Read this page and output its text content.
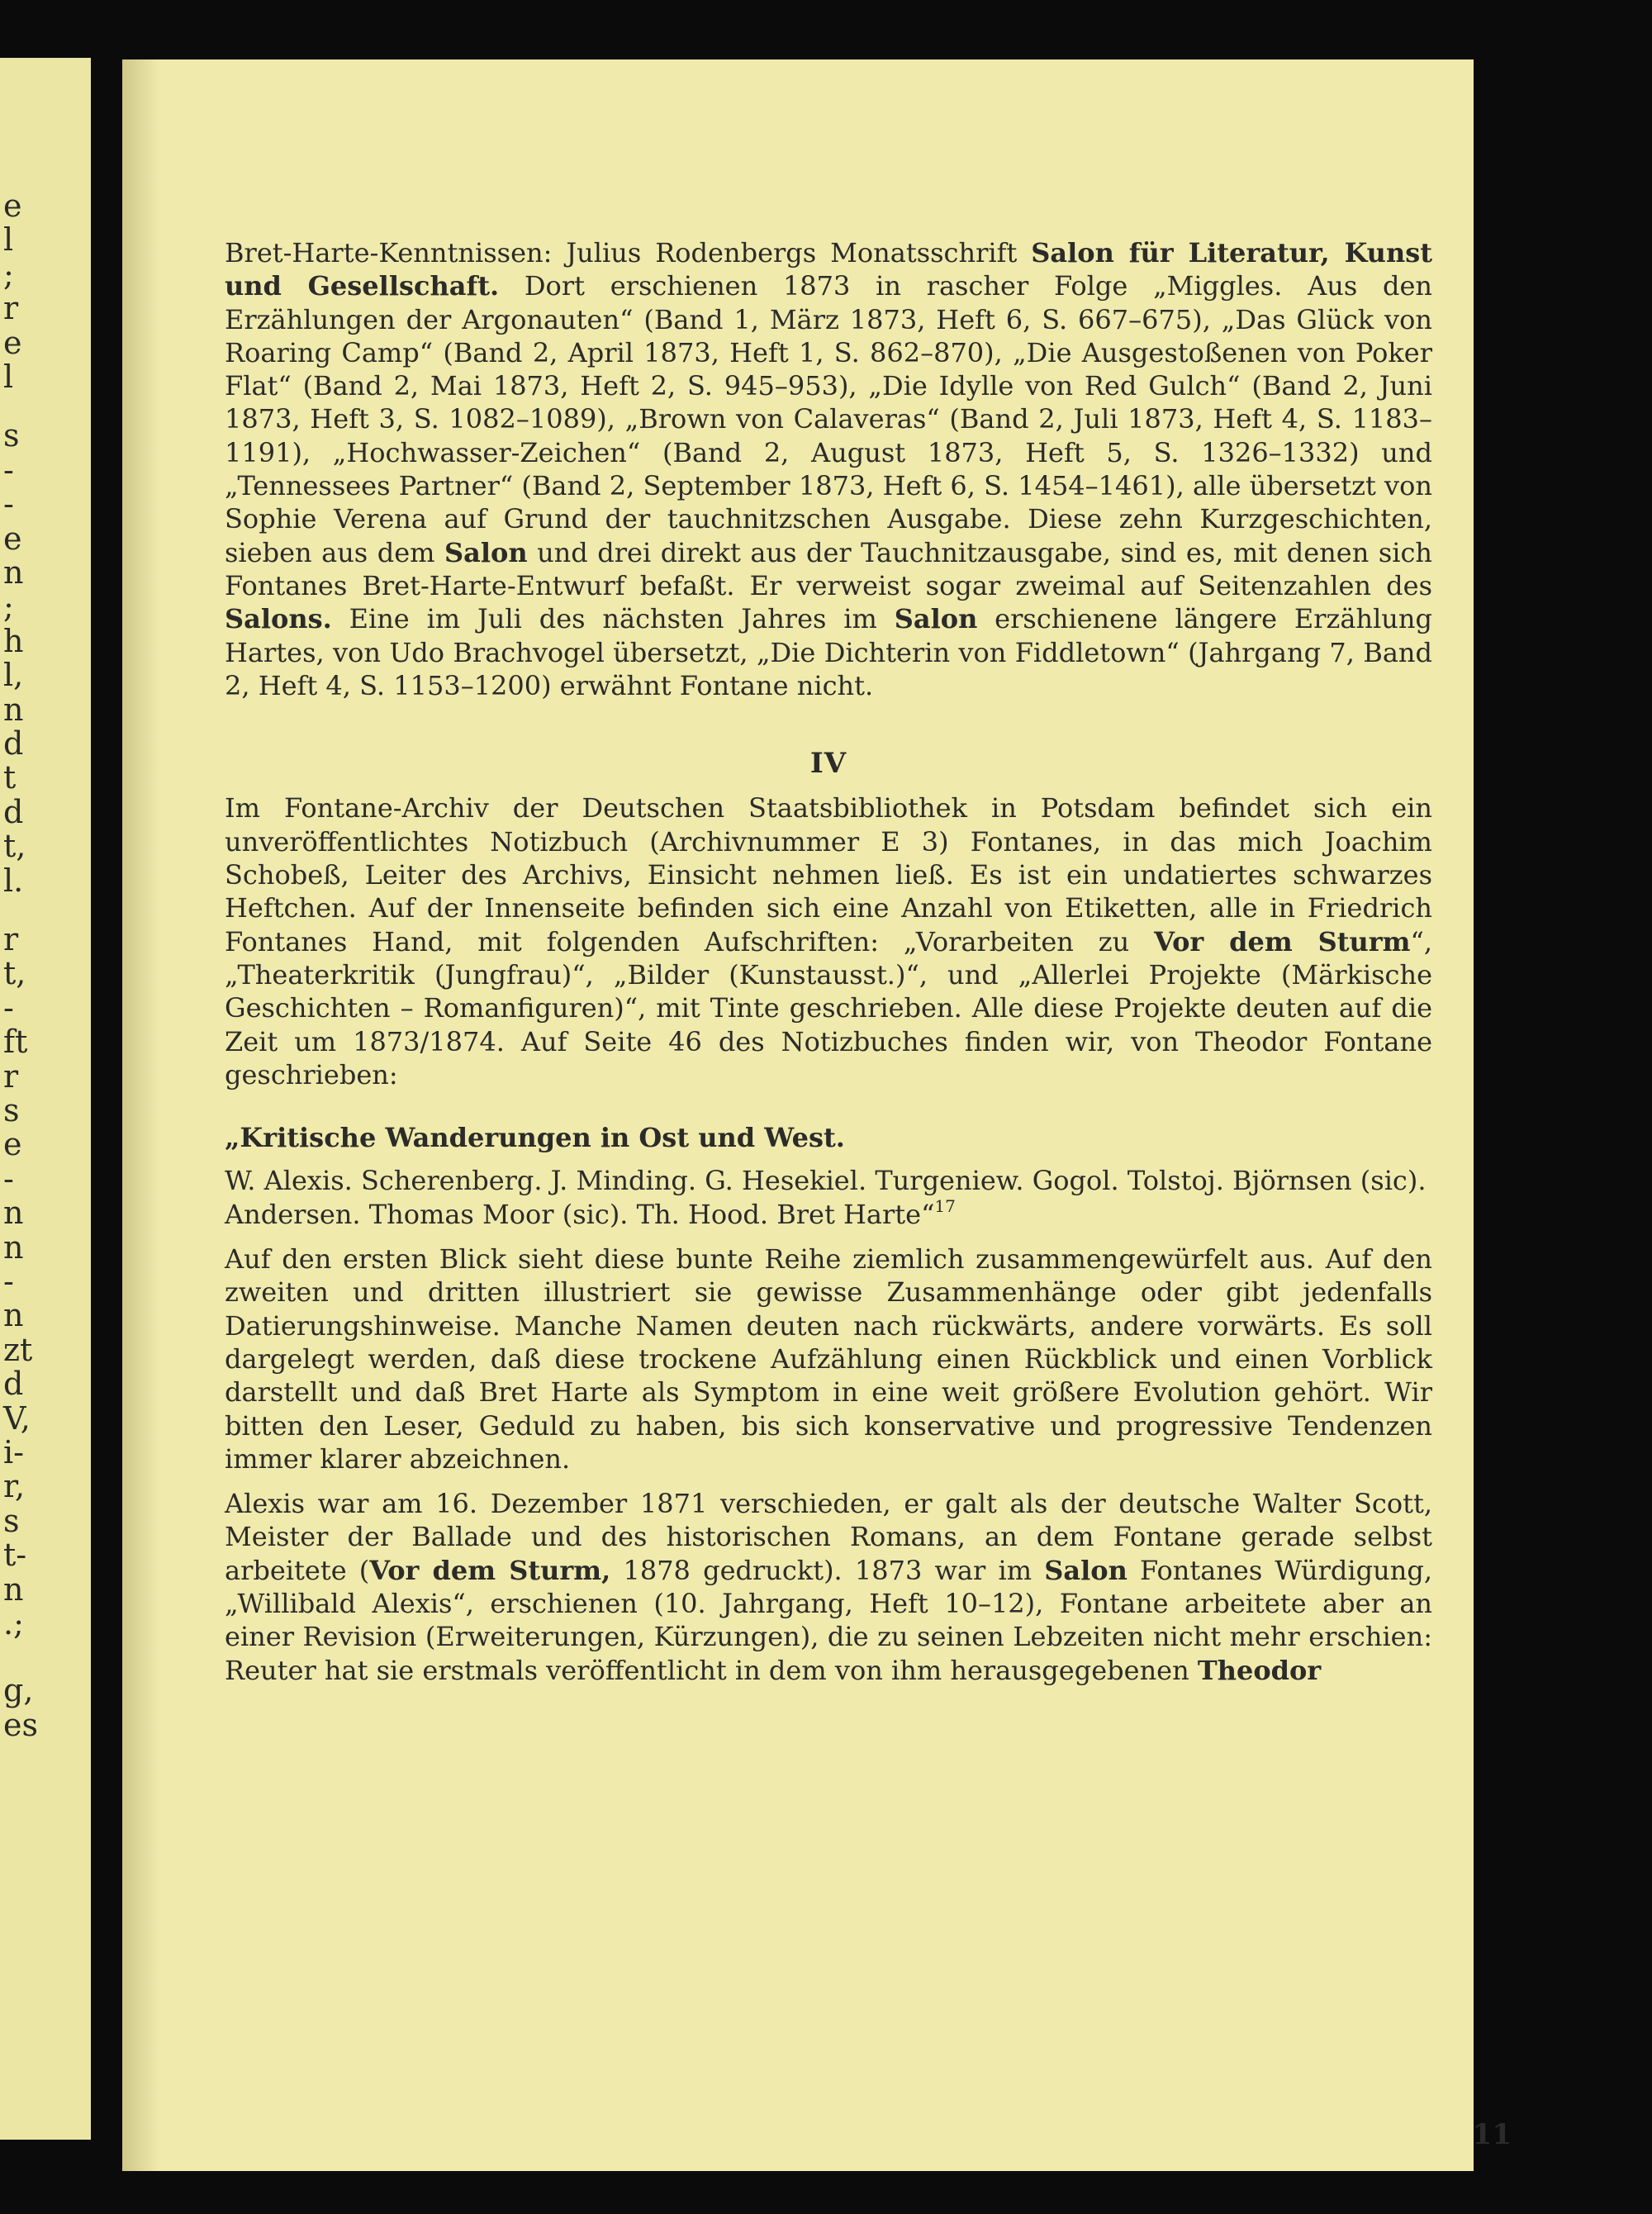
e
l
;
r
e
l
s
-
-
e
n
;
h
l,
n
d
t
d
t,
l.
r
t,
-
ft
r
s
e
-
n
n
-
n
zt
d
V,
i-
r,
s
t-
n
.;
g,
es

Bret-Harte-Kenntnissen: Julius Rodenbergs Monatsschrift Salon für Literatur, Kunst und Gesellschaft. Dort erschienen 1873 in rascher Folge „Miggles. Aus den Erzählungen der Argonauten“ (Band 1, März 1873, Heft 6, S. 667–675), „Das Glück von Roaring Camp“ (Band 2, April 1873, Heft 1, S. 862–870), „Die Ausgestoßenen von Poker Flat“ (Band 2, Mai 1873, Heft 2, S. 945–953), „Die Idylle von Red Gulch“ (Band 2, Juni 1873, Heft 3, S. 1082–1089), „Brown von Calaveras“ (Band 2, Juli 1873, Heft 4, S. 1183–1191), „Hochwasser-Zeichen“ (Band 2, August 1873, Heft 5, S. 1326–1332) und „Tennessees Partner“ (Band 2, September 1873, Heft 6, S. 1454–1461), alle übersetzt von Sophie Verena auf Grund der tauchnitzschen Ausgabe. Diese zehn Kurzgeschichten, sieben aus dem Salon und drei direkt aus der Tauchnitzausgabe, sind es, mit denen sich Fontanes Bret-Harte-Entwurf befaßt. Er verweist sogar zweimal auf Seitenzahlen des Salons. Eine im Juli des nächsten Jahres im Salon erschienene längere Erzählung Hartes, von Udo Brachvogel übersetzt, „Die Dichterin von Fiddletown“ (Jahrgang 7, Band 2, Heft 4, S. 1153–1200) erwähnt Fontane nicht.

IV

Im Fontane-Archiv der Deutschen Staatsbibliothek in Potsdam befindet sich ein unveröffentlichtes Notizbuch (Archivnummer E 3) Fontanes, in das mich Joachim Schobeß, Leiter des Archivs, Einsicht nehmen ließ. Es ist ein undatiertes schwarzes Heftchen. Auf der Innenseite befinden sich eine Anzahl von Etiketten, alle in Friedrich Fontanes Hand, mit folgenden Aufschriften: „Vorarbeiten zu Vor dem Sturm“, „Theaterkritik (Jungfrau)“, „Bilder (Kunstausst.)“, und „Allerlei Projekte (Märkische Geschichten – Romanfiguren)“, mit Tinte geschrieben. Alle diese Projekte deuten auf die Zeit um 1873/1874. Auf Seite 46 des Notizbuches finden wir, von Theodor Fontane geschrieben:

„Kritische Wanderungen in Ost und West.

W. Alexis. Scherenberg. J. Minding. G. Hesekiel. Turgeniew. Gogol. Tolstoj. Björnsen (sic). Andersen. Thomas Moor (sic). Th. Hood. Bret Harte“$^{17}$

Auf den ersten Blick sieht diese bunte Reihe ziemlich zusammengewürfelt aus. Auf den zweiten und dritten illustriert sie gewisse Zusammenhänge oder gibt jedenfalls Datierungshinweise. Manche Namen deuten nach rückwärts, andere vorwärts. Es soll dargelegt werden, daß diese trockene Aufzählung einen Rückblick und einen Vorblick darstellt und daß Bret Harte als Symptom in eine weit größere Evolution gehört. Wir bitten den Leser, Geduld zu haben, bis sich konservative und progressive Tendenzen immer klarer abzeichnen.

Alexis war am 16. Dezember 1871 verschieden, er galt als der deutsche Walter Scott, Meister der Ballade und des historischen Romans, an dem Fontane gerade selbst arbeitete (Vor dem Sturm, 1878 gedruckt). 1873 war im Salon Fontanes Würdigung, „Willibald Alexis“, erschienen (10. Jahrgang, Heft 10–12), Fontane arbeitete aber an einer Revision (Erweiterungen, Kürzungen), die zu seinen Lebzeiten nicht mehr erschien: Reuter hat sie erstmals veröffentlicht in dem von ihm herausgegebenen Theodor

11
